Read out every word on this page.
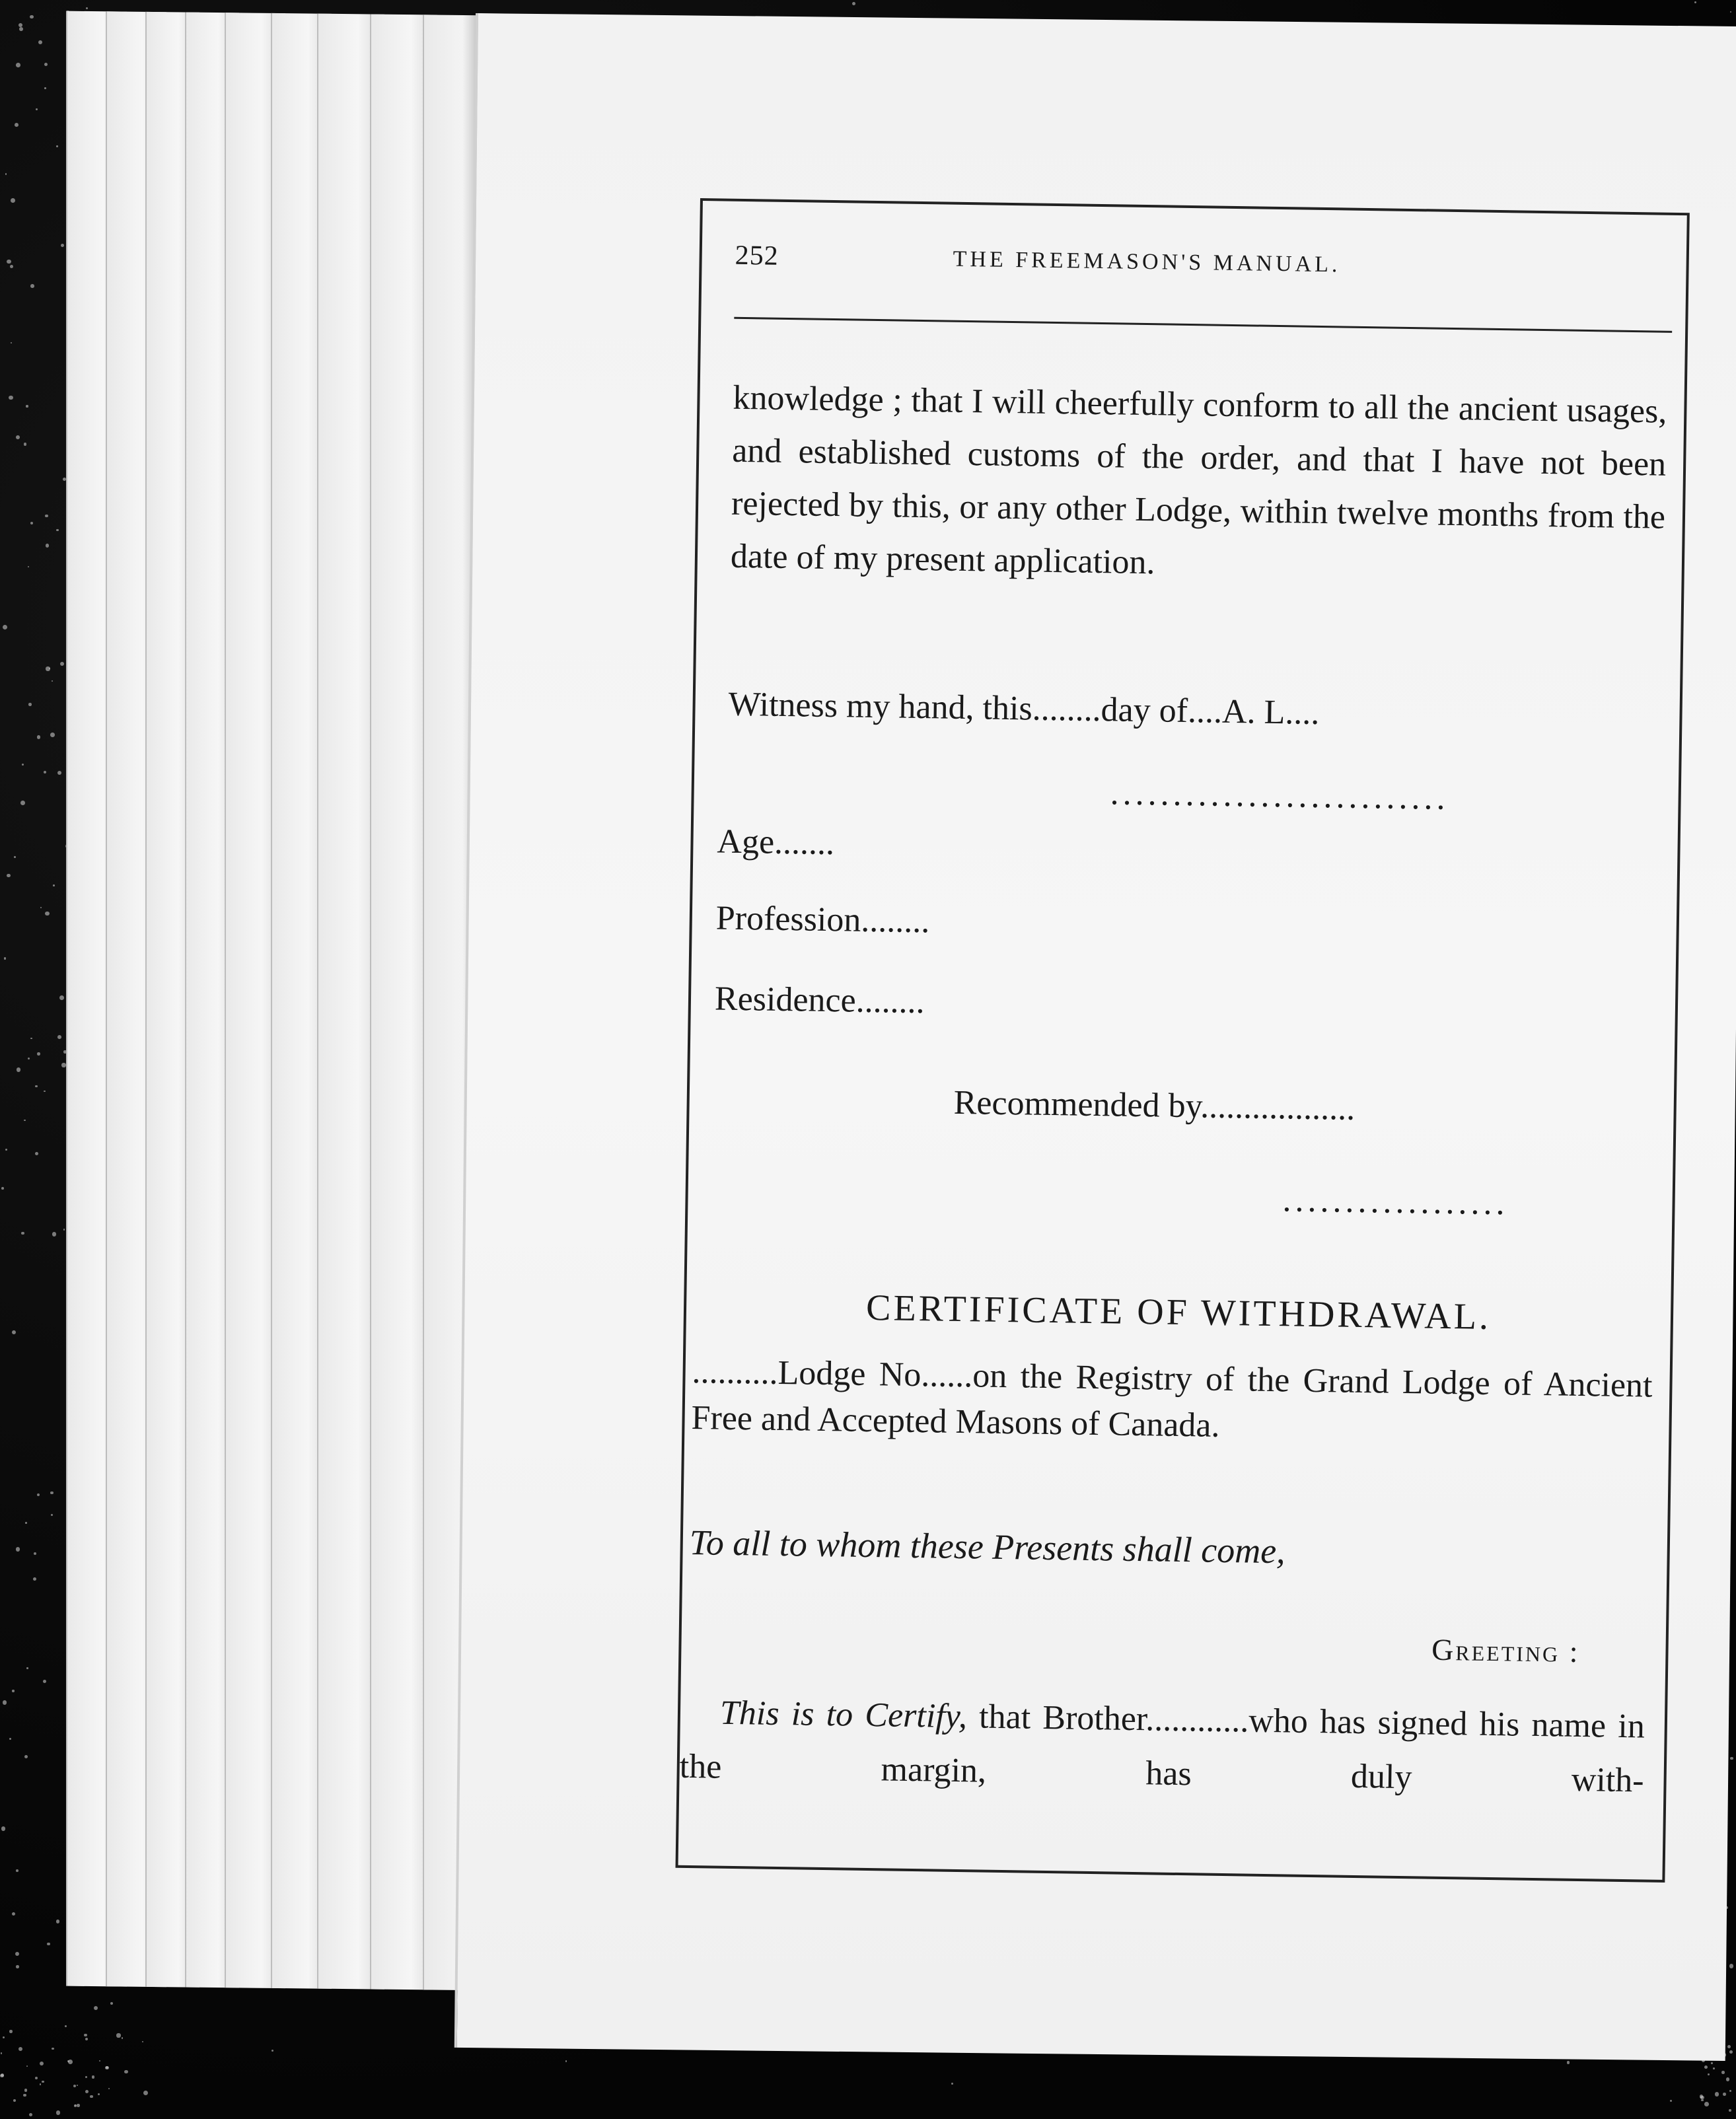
252	THE FREEMASON'S MANUAL.
knowledge ; that I will cheerfully conform to all the ancient usages, and established customs of the order, and that I have not been rejected by this, or any other Lodge, within twelve months from the date of my present application.
Witness my hand, this........day of....A. L....
...........................
Age.......
Profession........
Residence........
Recommended by..................
..................
CERTIFICATE OF WITHDRAWAL.
..........Lodge No......on the Registry of the Grand Lodge of Ancient Free and Accepted Masons of Canada.
To all to whom these Presents shall come,
Greeting :
This is to Certify, that Brother............who has signed his name in the margin, has duly with-
